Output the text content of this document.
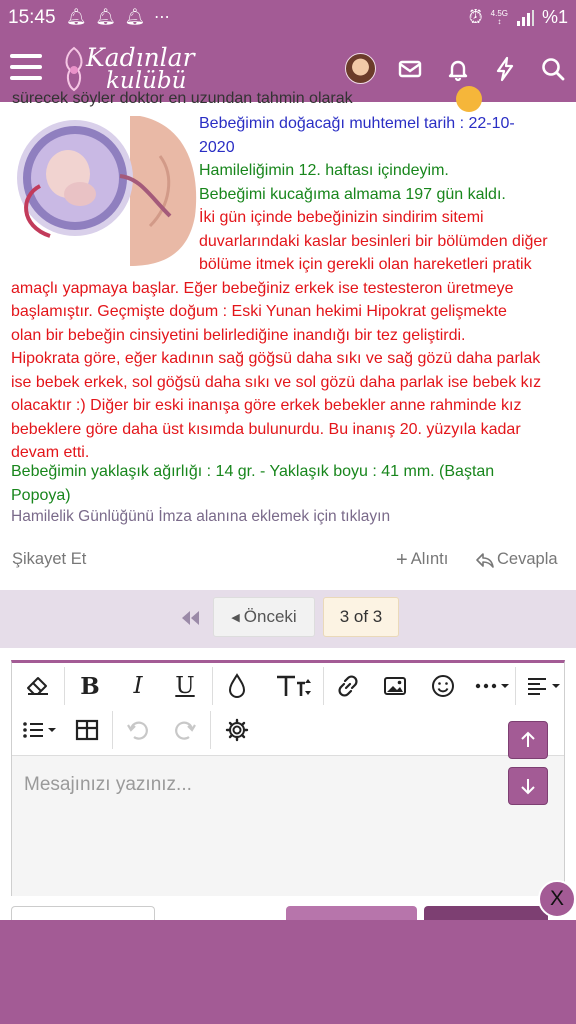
15:45 🔔︎ 🔔︎ 🔔︎ ⋯	⏰︎ 4.5G
↕	%1
Kadınlar
kulübü
sürecek söyler doktor en uzundan tahmin olarak
Bebeğimin doğacağı muhtemel tarih : 22-10-
2020
Hamileliğimin 12. haftası içindeyim.
Bebeğimi kucağıma almama 197 gün kaldı.
İki gün içinde bebeğinizin sindirim sitemi
duvarlarındaki kaslar besinleri bir bölümden diğer
bölüme itmek için gerekli olan hareketleri pratik
amaçlı yapmaya başlar. Eğer bebeğiniz erkek ise testesteron üretmeye
başlamıştır. Geçmişte doğum : Eski Yunan hekimi Hipokrat gelişmekte
olan bir bebeğin cinsiyetini belirlediğine inandığı bir tez geliştirdi.
Hipokrata göre, eğer kadının sağ göğsü daha sıkı ve sağ gözü daha parlak
ise bebek erkek, sol göğsü daha sıkı ve sol gözü daha parlak ise bebek kız
olacaktır :) Diğer bir eski inanışa göre erkek bebekler anne rahminde kız
bebeklere göre daha üst kısımda bulunurdu. Bu inanış 20. yüzyıla kadar
devam etti.
Bebeğimin yaklaşık ağırlığı : 14 gr. - Yaklaşık boyu : 41 mm. (Baştan
Popoya)
Hamilelik Günlüğünü İmza alanına eklemek için tıklayın
Şikayet Et	+ Alıntı	Cevapla
◀ Önceki	3 of 3
B	I	U
Mesajınızı yazınız...
X
